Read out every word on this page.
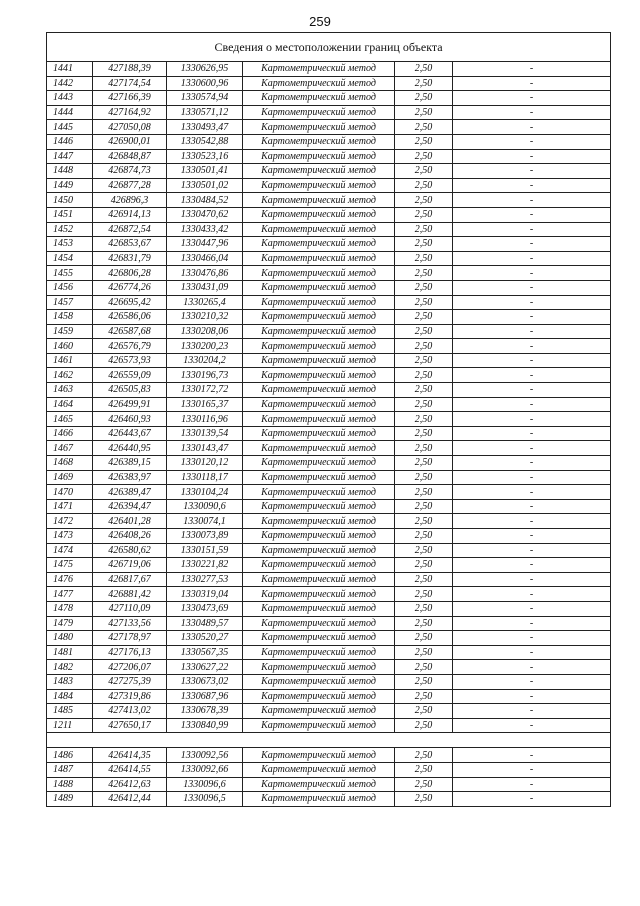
259
Сведения о местоположении границ объекта					
1441	427188,39	1330626,95	Картометрический метод	2,50	-
1442	427174,54	1330600,96	Картометрический метод	2,50	-
1443	427166,39	1330574,94	Картометрический метод	2,50	-
1444	427164,92	1330571,12	Картометрический метод	2,50	-
1445	427050,08	1330493,47	Картометрический метод	2,50	-
1446	426900,01	1330542,88	Картометрический метод	2,50	-
1447	426848,87	1330523,16	Картометрический метод	2,50	-
1448	426874,73	1330501,41	Картометрический метод	2,50	-
1449	426877,28	1330501,02	Картометрический метод	2,50	-
1450	426896,3	1330484,52	Картометрический метод	2,50	-
1451	426914,13	1330470,62	Картометрический метод	2,50	-
1452	426872,54	1330433,42	Картометрический метод	2,50	-
1453	426853,67	1330447,96	Картометрический метод	2,50	-
1454	426831,79	1330466,04	Картометрический метод	2,50	-
1455	426806,28	1330476,86	Картометрический метод	2,50	-
1456	426774,26	1330431,09	Картометрический метод	2,50	-
1457	426695,42	1330265,4	Картометрический метод	2,50	-
1458	426586,06	1330210,32	Картометрический метод	2,50	-
1459	426587,68	1330208,06	Картометрический метод	2,50	-
1460	426576,79	1330200,23	Картометрический метод	2,50	-
1461	426573,93	1330204,2	Картометрический метод	2,50	-
1462	426559,09	1330196,73	Картометрический метод	2,50	-
1463	426505,83	1330172,72	Картометрический метод	2,50	-
1464	426499,91	1330165,37	Картометрический метод	2,50	-
1465	426460,93	1330116,96	Картометрический метод	2,50	-
1466	426443,67	1330139,54	Картометрический метод	2,50	-
1467	426440,95	1330143,47	Картометрический метод	2,50	-
1468	426389,15	1330120,12	Картометрический метод	2,50	-
1469	426383,97	1330118,17	Картометрический метод	2,50	-
1470	426389,47	1330104,24	Картометрический метод	2,50	-
1471	426394,47	1330090,6	Картометрический метод	2,50	-
1472	426401,28	1330074,1	Картометрический метод	2,50	-
1473	426408,26	1330073,89	Картометрический метод	2,50	-
1474	426580,62	1330151,59	Картометрический метод	2,50	-
1475	426719,06	1330221,82	Картометрический метод	2,50	-
1476	426817,67	1330277,53	Картометрический метод	2,50	-
1477	426881,42	1330319,04	Картометрический метод	2,50	-
1478	427110,09	1330473,69	Картометрический метод	2,50	-
1479	427133,56	1330489,57	Картометрический метод	2,50	-
1480	427178,97	1330520,27	Картометрический метод	2,50	-
1481	427176,13	1330567,35	Картометрический метод	2,50	-
1482	427206,07	1330627,22	Картометрический метод	2,50	-
1483	427275,39	1330673,02	Картометрический метод	2,50	-
1484	427319,86	1330687,96	Картометрический метод	2,50	-
1485	427413,02	1330678,39	Картометрический метод	2,50	-
1211	427650,17	1330840,99	Картометрический метод	2,50	-

1486	426414,35	1330092,56	Картометрический метод	2,50	-
1487	426414,55	1330092,66	Картометрический метод	2,50	-
1488	426412,63	1330096,6	Картометрический метод	2,50	-
1489	426412,44	1330096,5	Картометрический метод	2,50	-
